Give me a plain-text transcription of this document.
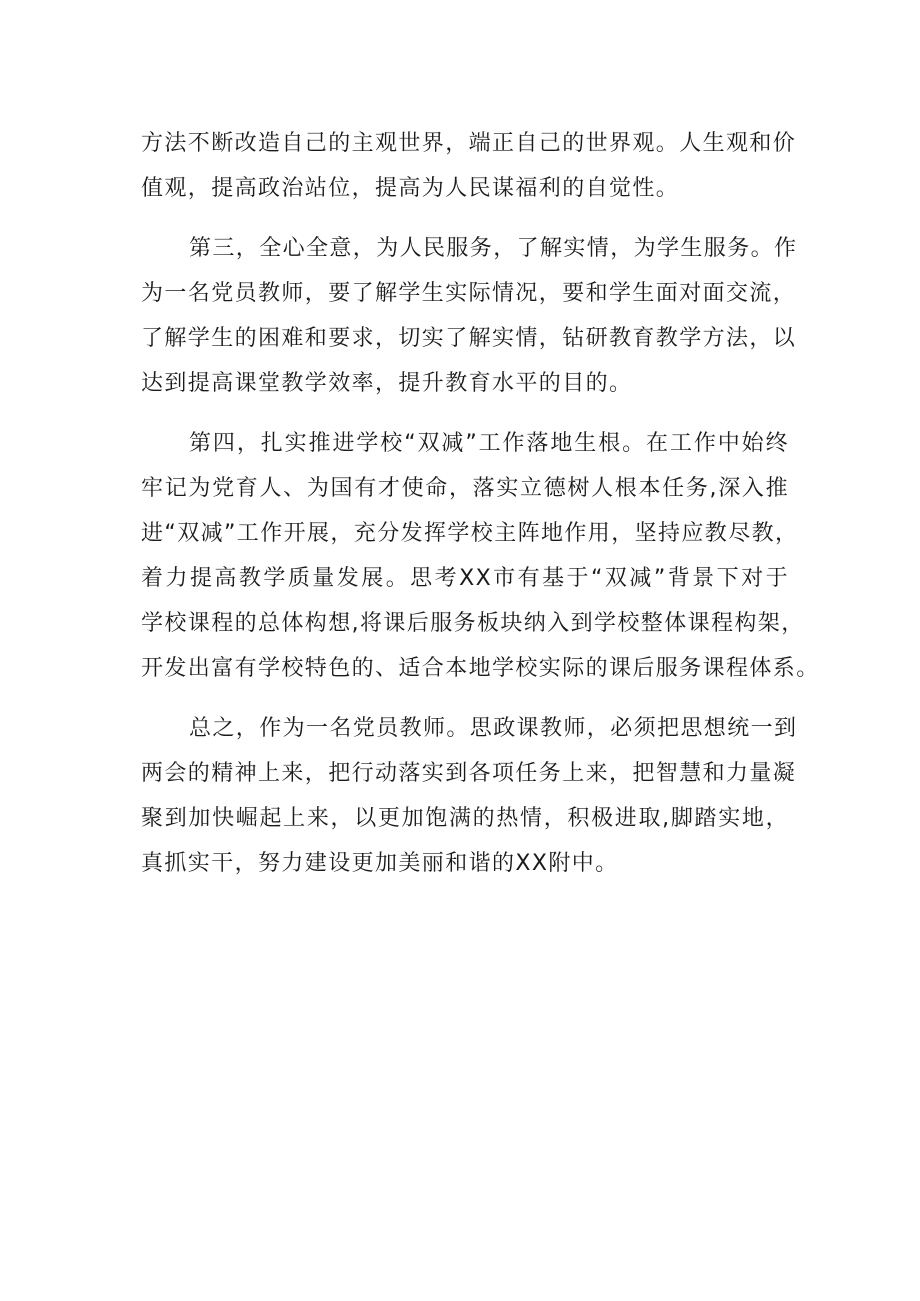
方法不断改造自己的主观世界，端正自己的世界观。人生观和价
值观，提高政治站位，提高为人民谋福利的自觉性。
第三，全心全意，为人民服务，了解实情，为学生服务。作
为一名党员教师，要了解学生实际情况，要和学生面对面交流，
了解学生的困难和要求，切实了解实情，钻研教育教学方法，以
达到提高课堂教学效率，提升教育水平的目的。
第四，扎实推进学校“双减”工作落地生根。在工作中始终
牢记为党育人、为国有才使命，落实立德树人根本任务,深入推
进“双减”工作开展，充分发挥学校主阵地作用，坚持应教尽教，
着力提高教学质量发展。思考XX市有基于“双减”背景下对于
学校课程的总体构想,将课后服务板块纳入到学校整体课程构架，
开发出富有学校特色的、适合本地学校实际的课后服务课程体系。
总之，作为一名党员教师。思政课教师，必须把思想统一到
两会的精神上来，把行动落实到各项任务上来，把智慧和力量凝
聚到加快崛起上来，以更加饱满的热情，积极进取,脚踏实地，
真抓实干，努力建设更加美丽和谐的XX附中。
